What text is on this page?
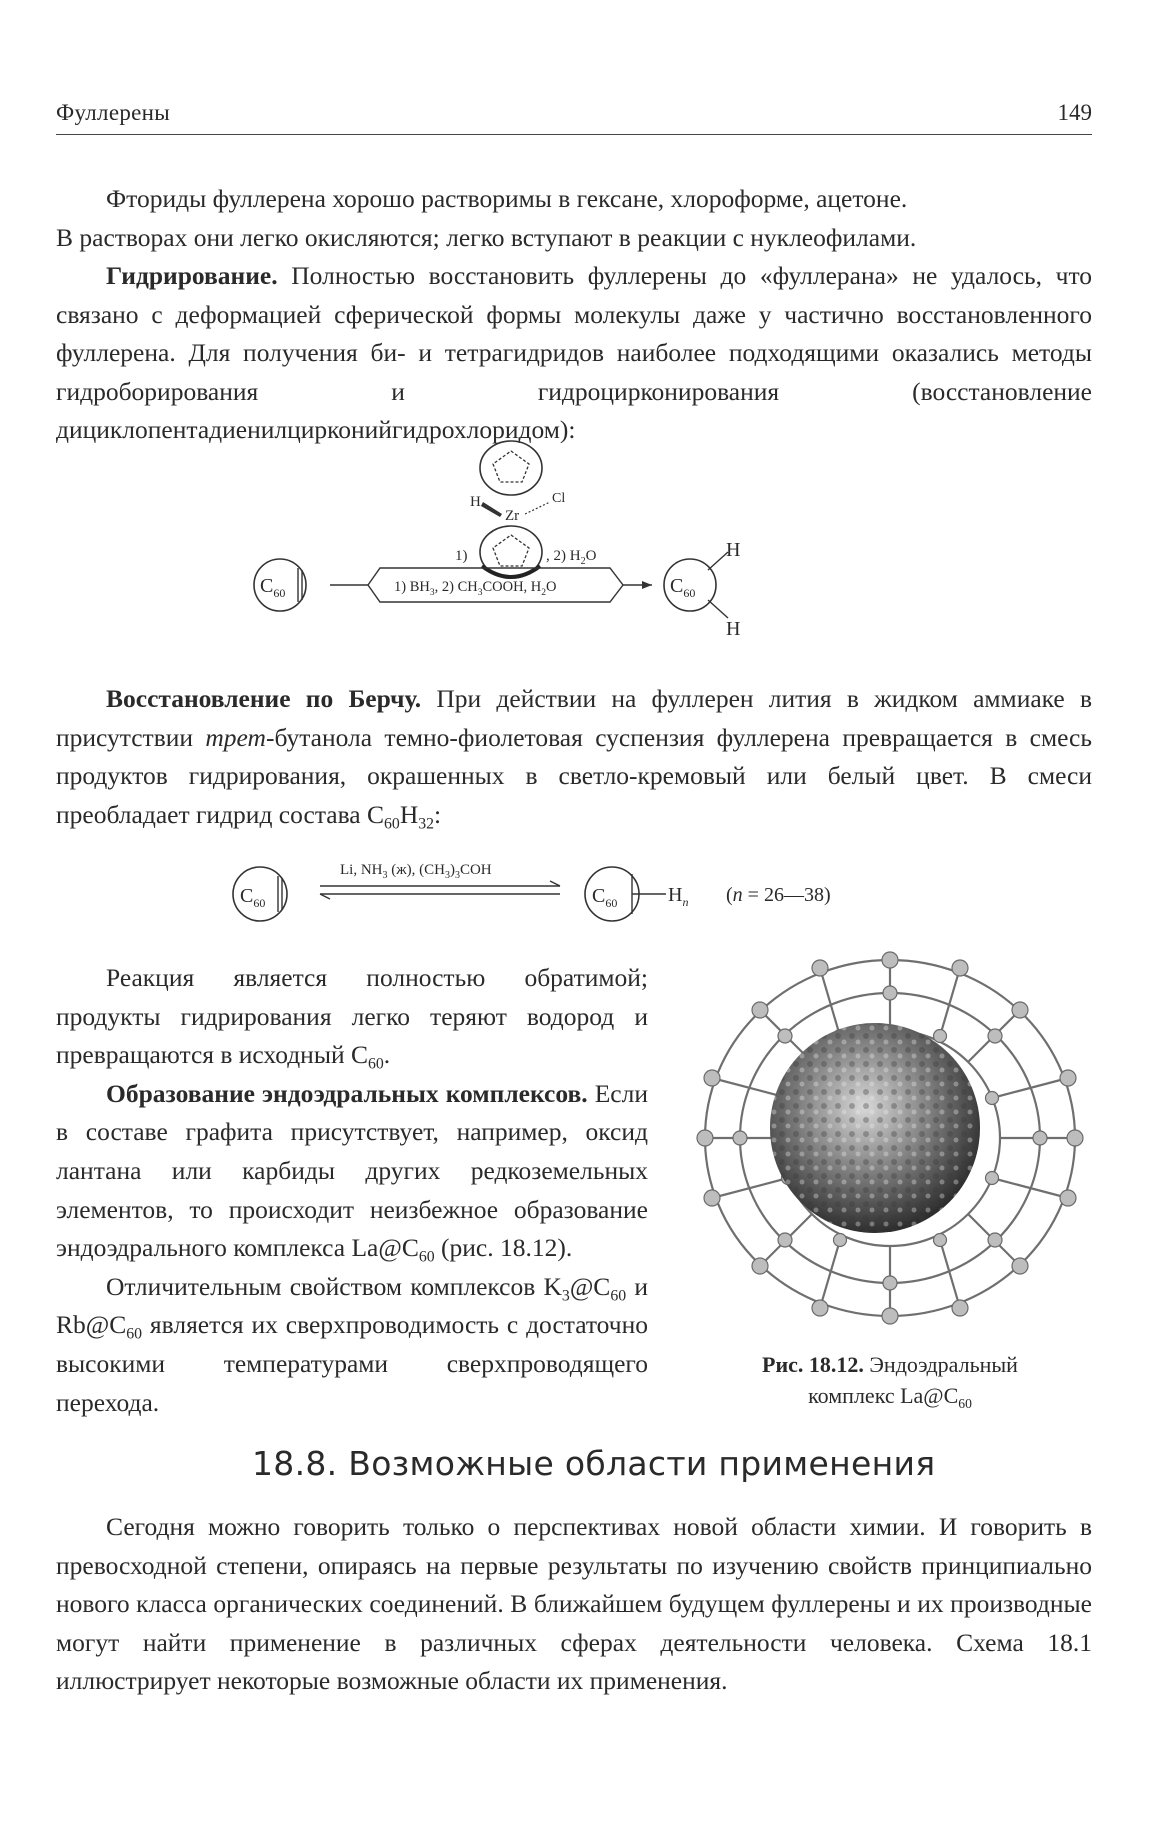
Фуллерены	149

Фториды фуллерена хорошо растворимы в гексане, хлороформе, ацетоне.

В растворах они легко окисляются; легко вступают в реакции с нуклеофилами.

Гидрирование. Полностью восстановить фуллерены до «фуллерана» не удалось, что связано с деформацией сферической формы молекулы даже у частично восстановленного фуллерена. Для получения би- и тетрагидридов наиболее подходящими оказались методы гидроборирования и гидроцирконирования (восстановление дициклопентадиенилцирконийгидрохлоридом):

H
Zr
Cl
1)	, 2) $H_2O$
$C_{60}$	1) $BH_3$, 2) $CH_3COOH$, $H_2O$	$C_{60}$
H
H

Восстановление по Берчу. При действии на фуллерен лития в жидком аммиаке в присутствии трет-бутанола темно-фиолетовая суспензия фуллерена превращается в смесь продуктов гидрирования, окрашенных в светло-кремовый или белый цвет. В смеси преобладает гидрид состава $C_{60}H_{32}$:

$C_{60}$
Li, $NH_3$ (ж), $(CH_3)_3COH$
$C_{60}$	$H_n$ (n = 26—38)

Реакция является полностью обратимой; продукты гидрирования легко теряют водород и превращаются в исходный $C_{60}$.

Образование эндоэдральных комплексов. Если в составе графита присутствует, например, оксид лантана или карбиды других редкоземельных элементов, то происходит неизбежное образование эндоэдрального комплекса $La@C_{60}$ (рис. 18.12).

Отличительным свойством комплексов $K_3@C_{60}$ и $Rb@C_{60}$ является их сверхпроводимость с достаточно высокими температурами сверхпроводящего перехода.

Рис. 18.12. Эндоэдральный
комплекс $La@C_{60}$
18.8. Возможные области применения

Сегодня можно говорить только о перспективах новой области химии. И говорить в превосходной степени, опираясь на первые результаты по изучению свойств принципиально нового класса органических соединений. В ближайшем будущем фуллерены и их производные могут найти применение в различных сферах деятельности человека. Схема 18.1 иллюстрирует некоторые возможные области их применения.
